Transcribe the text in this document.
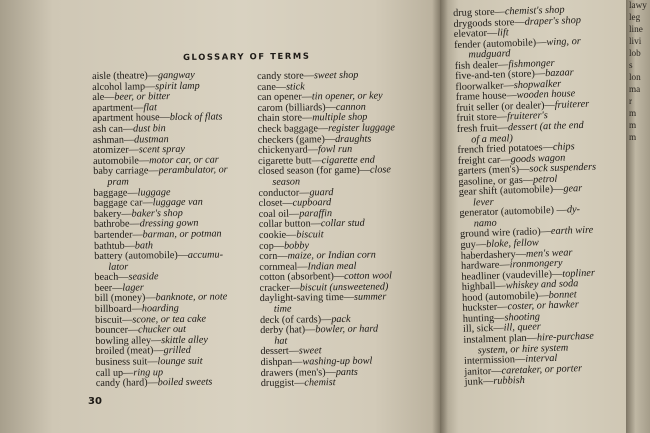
GLOSSARY OF TERMS
aisle (theatre)—gangway
alcohol lamp—spirit lamp
ale—beer, or bitter
apartment—flat
apartment house—block of flats
ash can—dust bin
ashman—dustman
atomizer—scent spray
automobile—motor car, or car
baby carriage—perambulator, or
pram
baggage—luggage
baggage car—luggage van
bakery—baker's shop
bathrobe—dressing gown
bartender—barman, or potman
bathtub—bath
battery (automobile)—accumu-
lator
beach—seaside
beer—lager
bill (money)—banknote, or note
billboard—hoarding
biscuit—scone, or tea cake
bouncer—chucker out
bowling alley—skittle alley
broiled (meat)—grilled
business suit—lounge suit
call up—ring up
candy (hard)—boiled sweets
candy store—sweet shop
cane—stick
can opener—tin opener, or key
carom (billiards)—cannon
chain store—multiple shop
check baggage—register luggage
checkers (game)—draughts
chickenyard—fowl run
cigarette butt—cigarette end
closed season (for game)—close
season
conductor—guard
closet—cupboard
coal oil—paraffin
collar button—collar stud
cookie—biscuit
cop—bobby
corn—maize, or Indian corn
cornmeal—Indian meal
cotton (absorbent)—cotton wool
cracker—biscuit (unsweetened)
daylight-saving time—summer
time
deck (of cards)—pack
derby (hat)—bowler, or hard
hat
dessert—sweet
dishpan—washing-up bowl
drawers (men's)—pants
druggist—chemist
drug store—chemist's shop
drygoods store—draper's shop
elevator—lift
fender (automobile)—wing, or
mudguard
fish dealer—fishmonger
five-and-ten (store)—bazaar
floorwalker—shopwalker
frame house—wooden house
fruit seller (or dealer)—fruiterer
fruit store—fruiterer's
fresh fruit—dessert (at the end
of a meal)
french fried potatoes—chips
freight car—goods wagon
garters (men's)—sock suspenders
gasoline, or gas—petrol
gear shift (automobile)—gear
lever
generator (automobile) —dy-
namo
ground wire (radio)—earth wire
guy—bloke, fellow
haberdashery—men's wear
hardware—ironmongery
headliner (vaudeville)—topliner
highball—whiskey and soda
hood (automobile)—bonnet
huckster—coster, or hawker
hunting—shooting
ill, sick—ill, queer
instalment plan—hire-purchase
system, or hire system
intermission—interval
janitor—caretaker, or porter
junk—rubbish
30
lawy
leg
line
livi
lob
s
lon
ma
r
m
m
m
